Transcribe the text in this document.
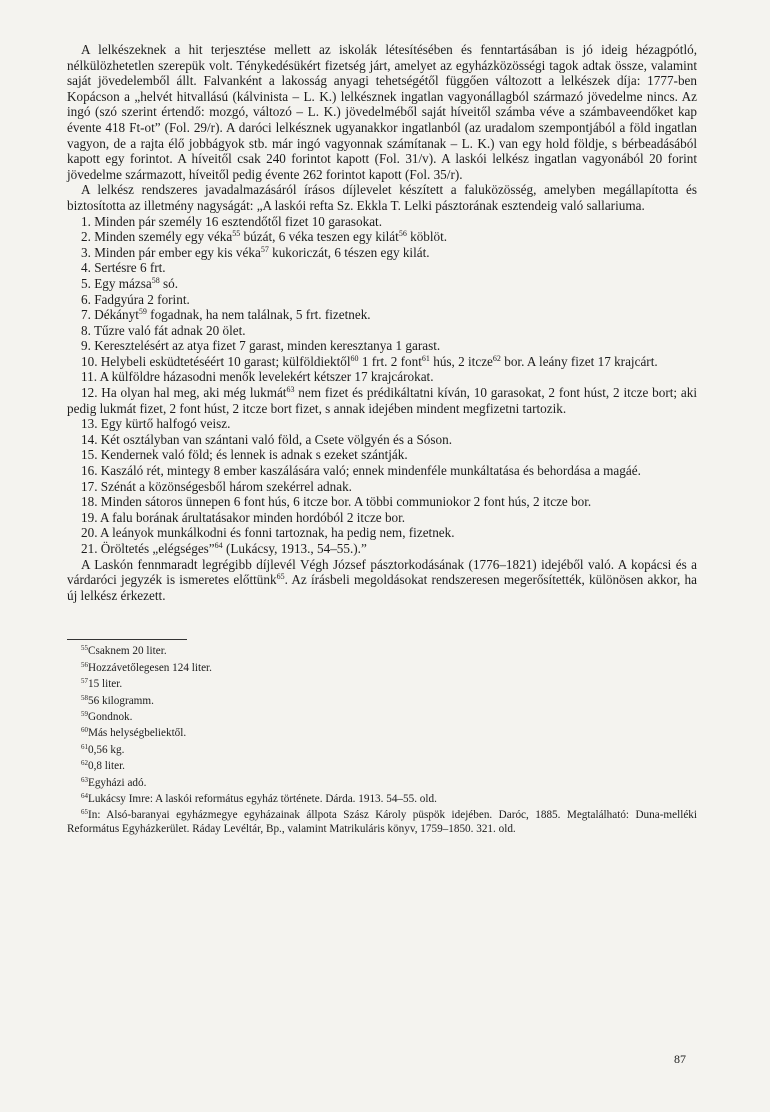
A lelkészeknek a hit terjesztése mellett az iskolák létesítésében és fenntartásában is jó ideig hézagpótló, nélkülözhetetlen szerepük volt. Ténykedésükért fizetség járt, amelyet az egyházközösségi tagok adtak össze, valamint saját jövedelemből állt. Falvanként a lakosság anyagi tehetségétől függően változott a lelkészek díja: 1777-ben Kopácson a „helvét hitvallású (kálvinista – L. K.) lelkésznek ingatlan vagyonállagból származó jövedelme nincs. Az ingó (szó szerint értendő: mozgó, változó – L. K.) jövedelméből saját híveitől számba véve a számbaveendőket kap évente 418 Ft-ot” (Fol. 29/r). A daróci lelkésznek ugyanakkor ingatlanból (az uradalom szempontjából a föld ingatlan vagyon, de a rajta élő jobbágyok stb. már ingó vagyonnak számítanak – L. K.) van egy hold földje, s bérbeadásából kapott egy forintot. A híveitől csak 240 forintot kapott (Fol. 31/v). A laskói lelkész ingatlan vagyonából 20 forint jövedelme származott, híveitől pedig évente 262 forintot kapott (Fol. 35/r).

A lelkész rendszeres javadalmazásáról írásos díjlevelet készített a faluközösség, amelyben megállapította és biztosította az illetmény nagyságát: „A laskói refta Sz. Ekkla T. Lelki pásztorának esztendeig való sallariuma.

1. Minden pár személy 16 esztendőtől fizet 10 garasokat.
2. Minden személy egy véka$^{55}$ búzát, 6 véka teszen egy kilát$^{56}$ köblöt.
3. Minden pár ember egy kis véka$^{57}$ kukoriczát, 6 tészen egy kilát.
4. Sertésre 6 frt.
5. Egy mázsa$^{58}$ só.
6. Fadgyúra 2 forint.
7. Dékányt$^{59}$ fogadnak, ha nem találnak, 5 frt. fizetnek.
8. Tűzre való fát adnak 20 ölet.
9. Keresztelésért az atya fizet 7 garast, minden keresztanya 1 garast.
10. Helybeli esküdtetéséért 10 garast; külföldiektől$^{60}$ 1 frt. 2 font$^{61}$ hús, 2 itcze$^{62}$ bor. A leány fizet 17 krajcárt.
11. A külföldre házasodni menők levelekért kétszer 17 krajcárokat.
12. Ha olyan hal meg, aki még lukmát$^{63}$ nem fizet és prédikáltatni kíván, 10 garasokat, 2 font húst, 2 itcze bort; aki pedig lukmát fizet, 2 font húst, 2 itcze bort fizet, s annak idejében mindent megfizetni tartozik.
13. Egy kürtő halfogó veisz.
14. Két osztályban van szántani való föld, a Csete völgyén és a Sóson.
15. Kendernek való föld; és lennek is adnak s ezeket szántják.
16. Kaszáló rét, mintegy 8 ember kaszálására való; ennek mindenféle munkáltatása és behordása a magáé.
17. Szénát a közönségesből három szekérrel adnak.
18. Minden sátoros ünnepen 6 font hús, 6 itcze bor. A többi communiokor 2 font hús, 2 itcze bor.
19. A falu borának árultatásakor minden hordóból 2 itcze bor.
20. A leányok munkálkodni és fonni tartoznak, ha pedig nem, fizetnek.
21. Öröltetés „elégséges”$^{64}$ (Lukácsy, 1913., 54–55.).”

A Laskón fennmaradt legrégibb díjlevél Végh József pásztorkodásának (1776–1821) idejéből való. A kopácsi és a várdaróci jegyzék is ismeretes előttünk$^{65}$. Az írásbeli megoldásokat rendszeresen megerősítették, különösen akkor, ha új lelkész érkezett.

$^{55}$Csaknem 20 liter.
$^{56}$Hozzávetőlegesen 124 liter.
$^{57}$15 liter.
$^{58}$56 kilogramm.
$^{59}$Gondnok.
$^{60}$Más helységbeliektől.
$^{61}$0,56 kg.
$^{62}$0,8 liter.
$^{63}$Egyházi adó.
$^{64}$Lukácsy Imre: A laskói református egyház története. Dárda. 1913. 54–55. old.
$^{65}$In: Alsó-baranyai egyházmegye egyházainak állpota Szász Károly püspök idejében. Daróc, 1885. Megtalálható: Duna-melléki Református Egyházkerület. Ráday Levéltár, Bp., valamint Matrikuláris könyv, 1759–1850. 321. old.
87
